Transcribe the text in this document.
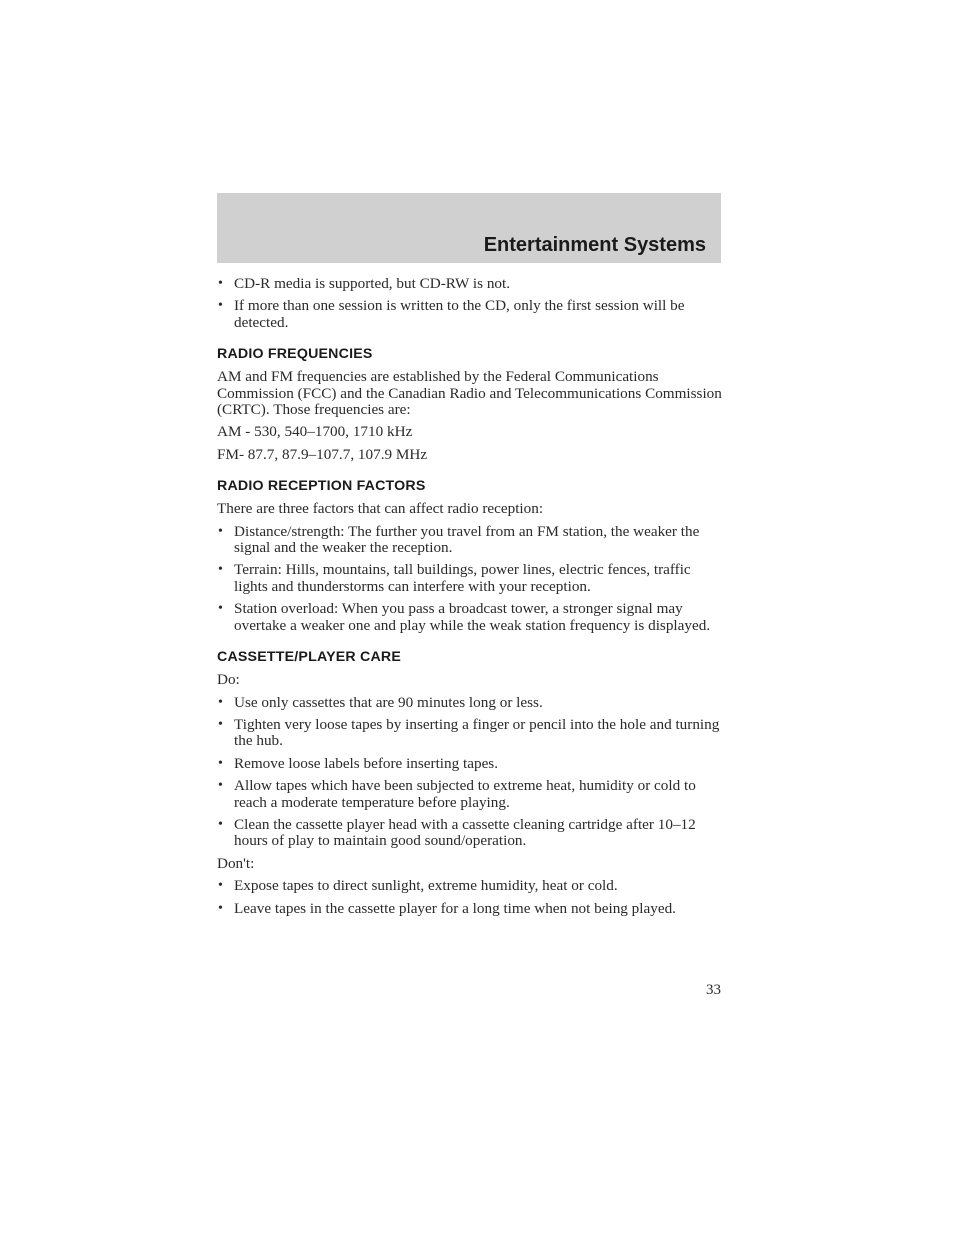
Entertainment Systems
• CD-R media is supported, but CD-RW is not.
• If more than one session is written to the CD, only the first session will be detected.
RADIO FREQUENCIES

AM and FM frequencies are established by the Federal Communications Commission (FCC) and the Canadian Radio and Telecommunications Commission (CRTC). Those frequencies are:

AM - 530, 540–1700, 1710 kHz

FM- 87.7, 87.9–107.7, 107.9 MHz

RADIO RECEPTION FACTORS

There are three factors that can affect radio reception:

• Distance/strength: The further you travel from an FM station, the weaker the signal and the weaker the reception.
• Terrain: Hills, mountains, tall buildings, power lines, electric fences, traffic lights and thunderstorms can interfere with your reception.
• Station overload: When you pass a broadcast tower, a stronger signal may overtake a weaker one and play while the weak station frequency is displayed.
CASSETTE/PLAYER CARE

Do:

• Use only cassettes that are 90 minutes long or less.
• Tighten very loose tapes by inserting a finger or pencil into the hole and turning the hub.
• Remove loose labels before inserting tapes.
• Allow tapes which have been subjected to extreme heat, humidity or cold to reach a moderate temperature before playing.
• Clean the cassette player head with a cassette cleaning cartridge after 10–12 hours of play to maintain good sound/operation.

Don't:

• Expose tapes to direct sunlight, extreme humidity, heat or cold.
• Leave tapes in the cassette player for a long time when not being played.
33
